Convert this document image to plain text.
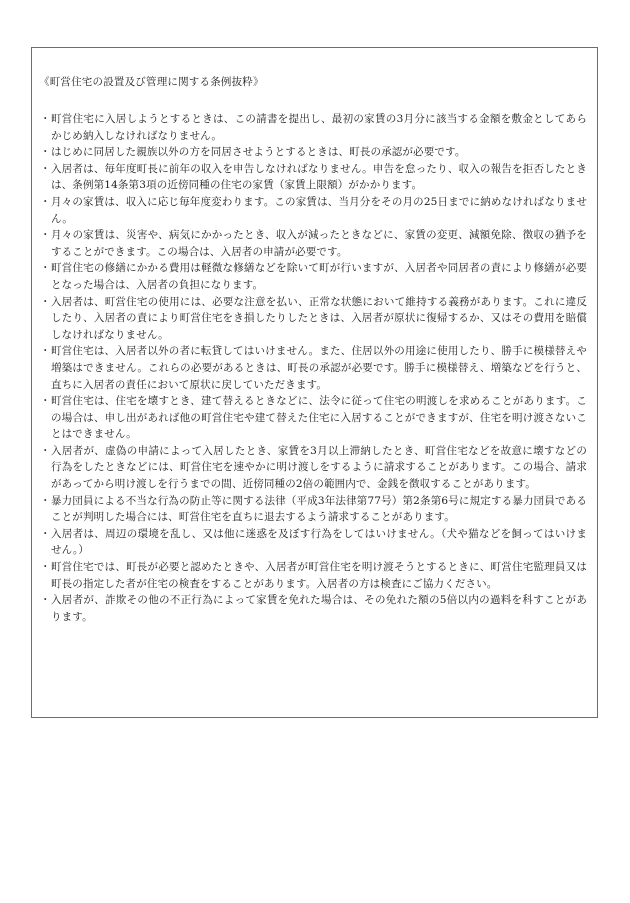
《町営住宅の設置及び管理に関する条例抜粋》
・ 町営住宅に入居しようとするときは、この請書を提出し、最初の家賃の3月分に該当する金額を敷金としてあらかじめ納入しなければなりません。
・ はじめに同居した親族以外の方を同居させようとするときは、町長の承認が必要です。
・ 入居者は、毎年度町長に前年の収入を申告しなければなりません。申告を怠ったり、収入の報告を拒否したときは、条例第14条第3項の近傍同種の住宅の家賃（家賃上限額）がかかります。
・ 月々の家賃は、収入に応じ毎年度変わります。この家賃は、当月分をその月の25日までに納めなければなりません。
・ 月々の家賃は、災害や、病気にかかったとき、収入が減ったときなどに、家賃の変更、減額免除、徴収の猶予をすることができます。この場合は、入居者の申請が必要です。
・ 町営住宅の修繕にかかる費用は軽微な修繕などを除いて町が行いますが、入居者や同居者の責により修繕が必要となった場合は、入居者の負担になります。
・ 入居者は、町営住宅の使用には、必要な注意を払い、正常な状態において維持する義務があります。これに違反したり、入居者の責により町営住宅をき損したりしたときは、入居者が原状に復帰するか、又はその費用を賠償しなければなりません。
・ 町営住宅は、入居者以外の者に転貸してはいけません。また、住居以外の用途に使用したり、勝手に模様替えや増築はできません。これらの必要があるときは、町長の承認が必要です。勝手に模様替え、増築などを行うと、直ちに入居者の責任において原状に戻していただきます。
・ 町営住宅は、住宅を壊すとき、建て替えるときなどに、法令に従って住宅の明渡しを求めることがあります。この場合は、申し出があれば他の町営住宅や建て替えた住宅に入居することができますが、住宅を明け渡さないことはできません。
・ 入居者が、虚偽の申請によって入居したとき、家賃を3月以上滞納したとき、町営住宅などを故意に壊すなどの行為をしたときなどには、町営住宅を速やかに明け渡しをするように請求することがあります。この場合、請求があってから明け渡しを行うまでの間、近傍同種の2倍の範囲内で、金銭を徴収することがあります。
・ 暴力団員による不当な行為の防止等に関する法律（平成3年法律第77号）第2条第6号に規定する暴力団員であることが判明した場合には、町営住宅を直ちに退去するよう請求することがあります。
・ 入居者は、周辺の環境を乱し、又は他に迷惑を及ぼす行為をしてはいけません。（犬や猫などを飼ってはいけません。）
・ 町営住宅では、町長が必要と認めたときや、入居者が町営住宅を明け渡そうとするときに、町営住宅監理員又は町長の指定した者が住宅の検査をすることがあります。入居者の方は検査にご協力ください。
・ 入居者が、詐欺その他の不正行為によって家賃を免れた場合は、その免れた額の5倍以内の過料を科すことがあります。
